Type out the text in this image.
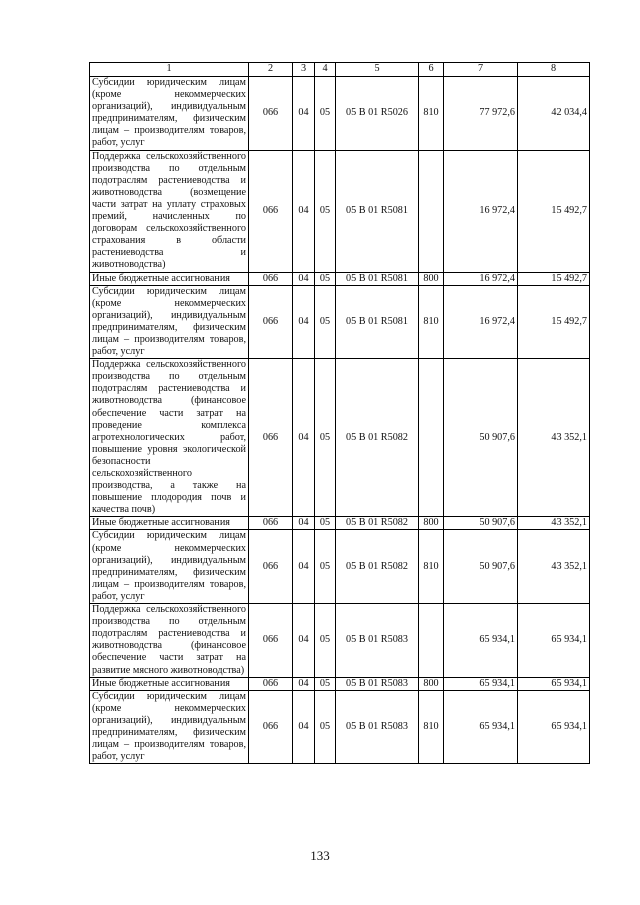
1	2	3	4	5	6	7	8
Субсидии юридическим лицам (кроме некоммерческих организаций), индивидуальным предпринимателям, физическим лицам – производителям товаров, работ, услуг	066	04	05	05 В 01 R5026	810	77 972,6	42 034,4
Поддержка сельскохозяйственного производства по отдельным подотраслям растениеводства и животноводства (возмещение части затрат на уплату страховых премий, начисленных по договорам сельскохозяйственного страхования в области растениеводства и животноводства)	066	04	05	05 В 01 R5081		16 972,4	15 492,7
Иные бюджетные ассигнования	066	04	05	05 В 01 R5081	800	16 972,4	15 492,7
Субсидии юридическим лицам (кроме некоммерческих организаций), индивидуальным предпринимателям, физическим лицам – производителям товаров, работ, услуг	066	04	05	05 В 01 R5081	810	16 972,4	15 492,7
Поддержка сельскохозяйственного производства по отдельным подотраслям растениеводства и животноводства (финансовое обеспечение части затрат на проведение комплекса агротехнологических работ, повышение уровня экологической безопасности сельскохозяйственного производства, а также на повышение плодородия почв и качества почв)	066	04	05	05 В 01 R5082		50 907,6	43 352,1
Иные бюджетные ассигнования	066	04	05	05 В 01 R5082	800	50 907,6	43 352,1
Субсидии юридическим лицам (кроме некоммерческих организаций), индивидуальным предпринимателям, физическим лицам – производителям товаров, работ, услуг	066	04	05	05 В 01 R5082	810	50 907,6	43 352,1
Поддержка сельскохозяйственного производства по отдельным подотраслям растениеводства и животноводства (финансовое обеспечение части затрат на развитие мясного животноводства)	066	04	05	05 В 01 R5083		65 934,1	65 934,1
Иные бюджетные ассигнования	066	04	05	05 В 01 R5083	800	65 934,1	65 934,1
Субсидии юридическим лицам (кроме некоммерческих организаций), индивидуальным предпринимателям, физическим лицам – производителям товаров, работ, услуг	066	04	05	05 В 01 R5083	810	65 934,1	65 934,1
133
